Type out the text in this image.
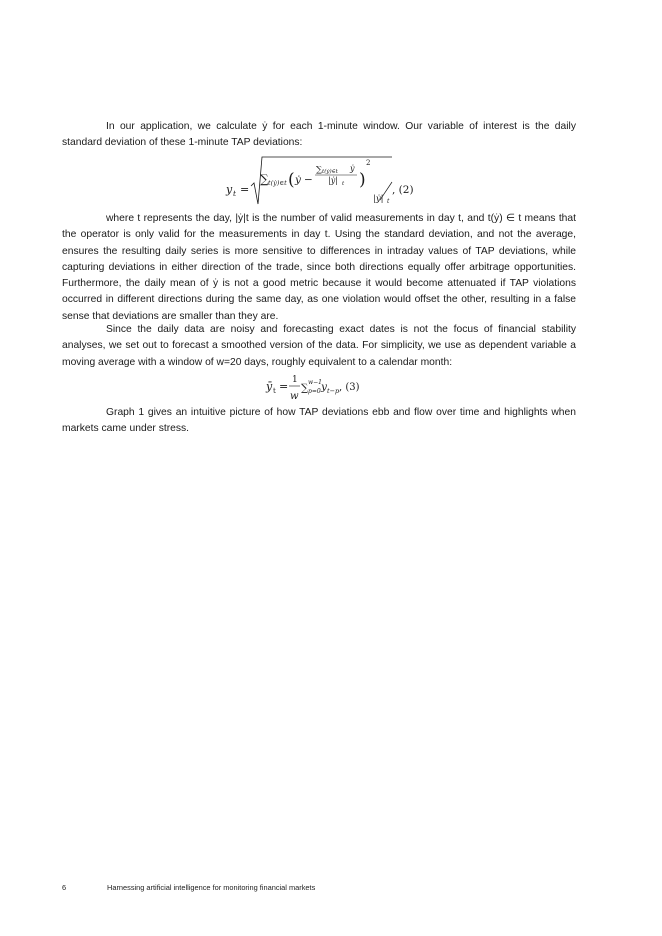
In our application, we calculate ẏ for each 1-minute window. Our variable of interest is the daily standard deviation of these 1-minute TAP deviations:

y t =
∑ t(ẏ)∈t ( ẏ −
∑ t(ẏ)∈t ẏ
|ẏ| t )
2
|ẏ| t
, (2)

where t represents the day, |ẏ|t is the number of valid measurements in day t, and t(ẏ) ∈ t means that the operator is only valid for the measurements in day t. Using the standard deviation, and not the average, ensures the resulting daily series is more sensitive to differences in intraday values of TAP deviations, while capturing deviations in either direction of the trade, since both directions equally offer arbitrage opportunities. Furthermore, the daily mean of ẏ is not a good metric because it would become attenuated if TAP violations occurred in different directions during the same day, as one violation would offset the other, resulting in a false sense that deviations are smaller than they are.

Since the daily data are noisy and forecasting exact dates is not the focus of financial stability analyses, we set out to forecast a smoothed version of the data. For simplicity, we use as dependent variable a moving average with a window of w=20 days, roughly equivalent to a calendar month:

ȳ t = 1
w
∑
w−1
p=0 y t−p , (3)

Graph 1 gives an intuitive picture of how TAP deviations ebb and flow over time and highlights when markets came under stress.

6	Harnessing artificial intelligence for monitoring financial markets
